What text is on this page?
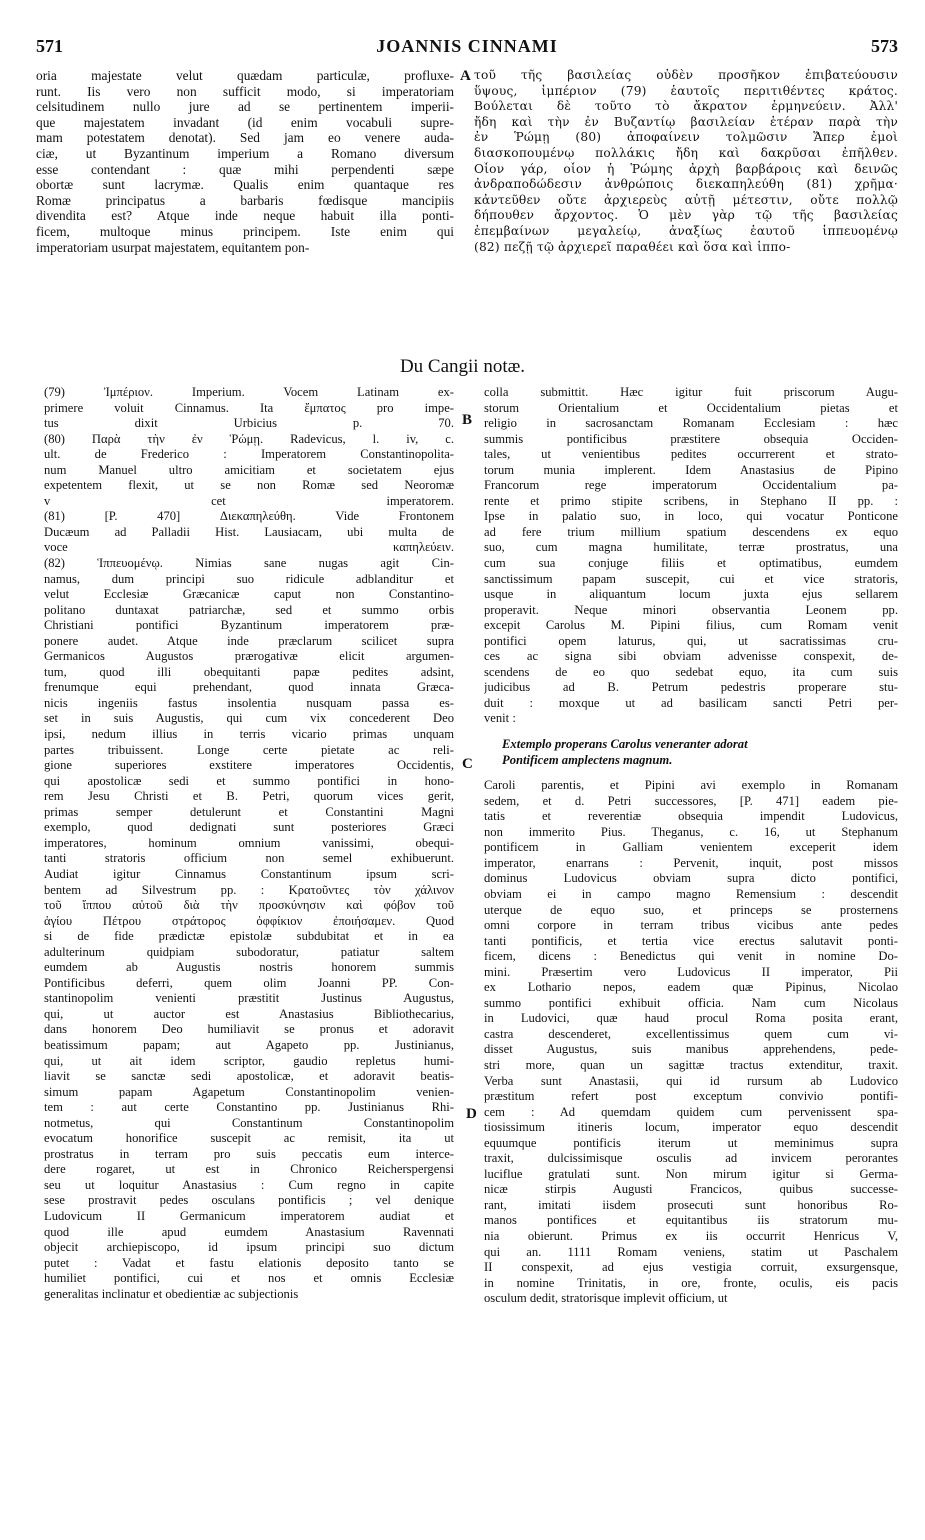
571	JOANNIS CINNAMI	573
oria majestate velut quædam particulæ, profluxe-
runt. Iis vero non sufficit modo, si imperatoriam
celsitudinem nullo jure ad se pertinentem imperii-
que majestatem invadant (id enim vocabuli supre-
mam potestatem denotat). Sed jam eo venere auda-
ciæ, ut Byzantinum imperium a Romano diversum
esse contendant : quæ mihi perpendenti sæpe
obortæ sunt lacrymæ. Qualis enim quantaque res
Romæ principatus a barbaris fœdisque mancipiis
divendita est? Atque inde neque habuit illa ponti-
ficem, multoque minus principem. Iste enim qui
imperatoriam usurpat majestatem, equitantem pon-
A τοῦ τῆς βασιλείας οὐδὲν προσῆκον ἐπιβατεύουσιν
ὕψους, ἰμπέριον (79) ἑαυτοῖς περιτιθέντες κράτος.
Βούλεται δὲ τοῦτο τὸ ἄκρατον ἑρμηνεύειν. Ἀλλ'
ἤδη καὶ τὴν ἐν Βυζαντίῳ βασιλείαν ἑτέραν παρὰ τὴν
ἐν Ῥώμῃ (80) ἀποφαίνειν τολμῶσιν Ἅπερ ἐμοὶ
διασκοπουμένῳ πολλάκις ἤδη καὶ δακρῦσαι ἐπῆλθεν.
Οἷον γάρ, οἷον ἡ Ῥώμης ἀρχὴ βαρβάροις καὶ δεινῶς
ἀνδραποδώδεσιν ἀνθρώποις διεκαπηλεύθη (81) χρῆμα·
κἀντεῦθεν οὔτε ἀρχιερεὺς αὐτῇ μέτεστιν, οὔτε πολλῷ
δήπουθεν ἄρχοντος. Ὁ μὲν γὰρ τῷ τῆς βασιλείας
ἐπεμβαίνων μεγαλείῳ, ἀναξίως ἑαυτοῦ ἱππευομένῳ
(82) πεζῇ τῷ ἀρχιερεῖ παραθέει καὶ ὅσα καὶ ἱππο-
Du Cangii notæ.
(79) Ἰμπέριον. Imperium. Vocem Latinam ex-
primere voluit Cinnamus. Ita ἔμπατος pro impe-
tus dixit Urbicius p. 70.
(80) Παρὰ τὴν ἐν Ῥώμῃ. Radevicus, l. iv, c.
ult. de Frederico : Imperatorem Constantinopolita-
num Manuel ultro amicitiam et societatem ejus
expetentem flexit, ut se non Romæ sed Neoromæ
v cet imperatorem.
(81) [P. 470] Διεκαπηλεύθη. Vide Frontonem
Ducæum ad Palladii Hist. Lausiacam, ubi multa de
voce καπηλεύειν.
(82) Ἱππευομένῳ. Nimias sane nugas agit Cin-
namus, dum principi suo ridicule adblanditur et
velut Ecclesiæ Græcanicæ caput non Constantino-
politano duntaxat patriarchæ, sed et summo orbis
Christiani pontifici Byzantinum imperatorem præ-
ponere audet. Atque inde præclarum scilicet supra
Germanicos Augustos prærogativæ elicit argumen-
tum, quod illi obequitanti papæ pedites adsint,
frenumque equi prehendant, quod innata Græca-
nicis ingeniis fastus insolentia nusquam passa es-
set in suis Augustis, qui cum vix concederent Deo
ipsi, nedum illius in terris vicario primas unquam
partes tribuissent. Longe certe pietate ac reli-
gione superiores exstitere imperatores Occidentis,
qui apostolicæ sedi et summo pontifici in hono-
rem Jesu Christi et B. Petri, quorum vices gerit,
primas semper detulerunt et Constantini Magni
exemplo, quod dedignati sunt posteriores Græci
imperatores, hominum omnium vanissimi, obequi-
tanti stratoris officium non semel exhibuerunt.
Audiat igitur Cinnamus Constantinum ipsum scri-
bentem ad Silvestrum pp. : Κρατοῦντες τὸν χάλινον
τοῦ ἵππου αὐτοῦ διὰ τὴν προσκύνησιν καὶ φόβον τοῦ
ἁγίου Πέτρου στράτορος ὀφφίκιον ἐποιήσαμεν. Quod
si de fide prædictæ epistolæ subdubitat et in ea
adulterinum quidpiam subodoratur, patiatur saltem
eumdem ab Augustis nostris honorem summis
Pontificibus deferri, quem olim Joanni PP. Con-
stantinopolim venienti præstitit Justinus Augustus,
qui, ut auctor est Anastasius Bibliothecarius,
dans honorem Deo humiliavit se pronus et adoravit
beatissimum papam; aut Agapeto pp. Justinianus,
qui, ut ait idem scriptor, gaudio repletus humi-
liavit se sanctæ sedi apostolicæ, et adoravit beatis-
simum papam Agapetum Constantinopolim venien-
tem : aut certe Constantino pp. Justinianus Rhi-
notmetus, qui Constantinum Constantinopolim
evocatum honorifice suscepit ac remisit, ita ut
prostratus in terram pro suis peccatis eum interce-
dere rogaret, ut est in Chronico Reicherspergensi
seu ut loquitur Anastasius : Cum regno in capite
sese prostravit pedes osculans pontificis ; vel denique
Ludovicum II Germanicum imperatorem audiat et
quod ille apud eumdem Anastasium Ravennati
objecit archiepiscopo, id ipsum principi suo dictum
putet : Vadat et fastu elationis deposito tanto se
humiliet pontifici, cui et nos et omnis Ecclesiæ
generalitas inclinatur et obedientiæ ac subjectionis
B
C
D
colla submittit. Hæc igitur fuit priscorum Augu-
storum Orientalium et Occidentalium pietas et
religio in sacrosanctam Romanam Ecclesiam : hæc
summis pontificibus præstitere obsequia Occiden-
tales, ut venientibus pedites occurrerent et strato-
torum munia implerent. Idem Anastasius de Pipino
Francorum rege imperatorum Occidentalium pa-
rente et primo stipite scribens, in Stephano II pp. :
Ipse in palatio suo, in loco, qui vocatur Ponticone
ad fere trium millium spatium descendens ex equo
suo, cum magna humilitate, terræ prostratus, una
cum sua conjuge filiis et optimatibus, eumdem
sanctissimum papam suscepit, cui et vice stratoris,
usque in aliquantum locum juxta ejus sellarem
properavit. Neque minori observantia Leonem pp.
excepit Carolus M. Pipini filius, cum Romam venit
pontifici opem laturus, qui, ut sacratissimas cru-
ces ac signa sibi obviam advenisse conspexit, de-
scendens de eo quo sedebat equo, ita cum suis
judicibus ad B. Petrum pedestris properare stu-
duit : moxque ut ad basilicam sancti Petri per-
venit :
Extemplo properans Carolus veneranter adorat
Pontificem amplectens magnum.
Caroli parentis, et Pipini avi exemplo in Romanam
sedem, et d. Petri successores, [P. 471] eadem pie-
tatis et reverentiæ obsequia impendit Ludovicus,
non immerito Pius. Theganus, c. 16, ut Stephanum
pontificem in Galliam venientem exceperit idem
imperator, enarrans : Pervenit, inquit, post missos
dominus Ludovicus obviam supra dicto pontifici,
obviam ei in campo magno Remensium : descendit
uterque de equo suo, et princeps se prosternens
omni corpore in terram tribus vicibus ante pedes
tanti pontificis, et tertia vice erectus salutavit ponti-
ficem, dicens : Benedictus qui venit in nomine Do-
mini. Præsertim vero Ludovicus II imperator, Pii
ex Lothario nepos, eadem quæ Pipinus, Nicolao
summo pontifici exhibuit officia. Nam cum Nicolaus
in Ludovici, quæ haud procul Roma posita erant,
castra descenderet, excellentissimus quem cum vi-
disset Augustus, suis manibus apprehendens, pede-
stri more, quan un sagittæ tractus extenditur, traxit.
Verba sunt Anastasii, qui id rursum ab Ludovico
præstitum refert post exceptum convivio pontifi-
cem : Ad quemdam quidem cum pervenissent spa-
tiosissimum itineris locum, imperator equo descendit
equumque pontificis iterum ut meminimus supra
traxit, dulcissimisque osculis ad invicem perorantes
luciflue gratulati sunt. Non mirum igitur si Germa-
nicæ stirpis Augusti Francicos, quibus successe-
rant, imitati iisdem prosecuti sunt honoribus Ro-
manos pontifices et equitantibus iis stratorum mu-
nia obierunt. Primus ex iis occurrit Henricus V,
qui an. 1111 Romam veniens, statim ut Paschalem
II conspexit, ad ejus vestigia corruit, exsurgensque,
in nomine Trinitatis, in ore, fronte, oculis, eis pacis
osculum dedit, stratorisque implevit officium, ut
